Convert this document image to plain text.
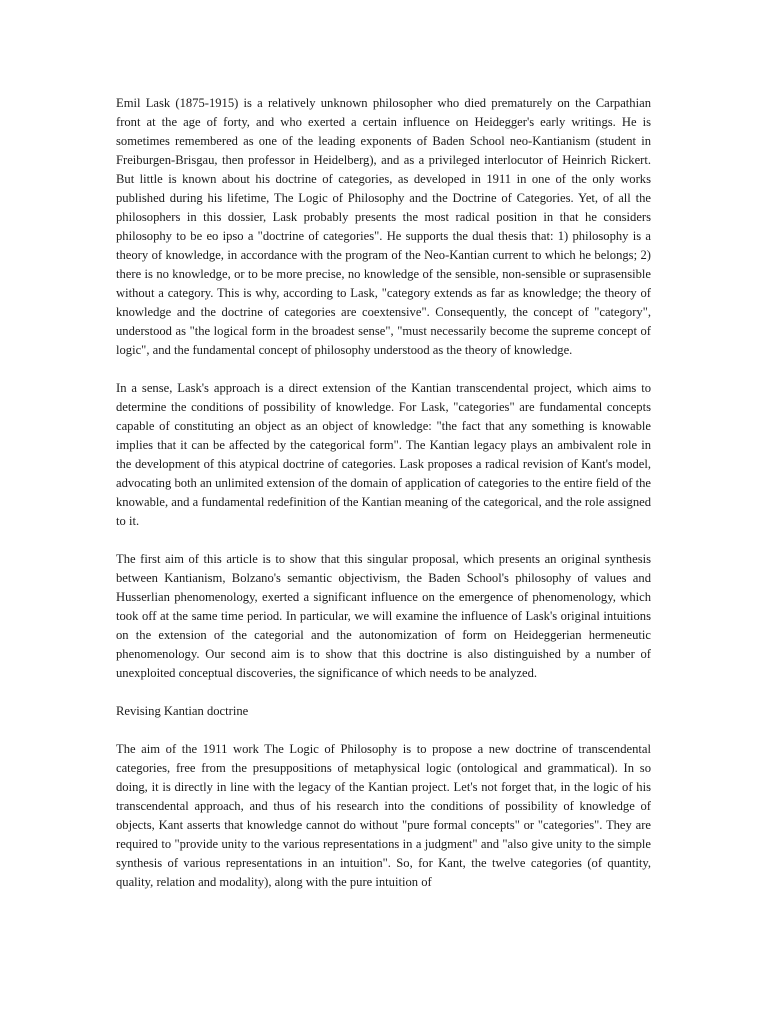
Emil Lask (1875-1915) is a relatively unknown philosopher who died prematurely on the Carpathian front at the age of forty, and who exerted a certain influence on Heidegger's early writings. He is sometimes remembered as one of the leading exponents of Baden School neo-Kantianism (student in Freiburgen-Brisgau, then professor in Heidelberg), and as a privileged interlocutor of Heinrich Rickert. But little is known about his doctrine of categories, as developed in 1911 in one of the only works published during his lifetime, The Logic of Philosophy and the Doctrine of Categories. Yet, of all the philosophers in this dossier, Lask probably presents the most radical position in that he considers philosophy to be eo ipso a "doctrine of categories". He supports the dual thesis that: 1) philosophy is a theory of knowledge, in accordance with the program of the Neo-Kantian current to which he belongs; 2) there is no knowledge, or to be more precise, no knowledge of the sensible, non-sensible or suprasensible without a category. This is why, according to Lask, "category extends as far as knowledge; the theory of knowledge and the doctrine of categories are coextensive". Consequently, the concept of "category", understood as "the logical form in the broadest sense", "must necessarily become the supreme concept of logic", and the fundamental concept of philosophy understood as the theory of knowledge.

In a sense, Lask's approach is a direct extension of the Kantian transcendental project, which aims to determine the conditions of possibility of knowledge. For Lask, "categories" are fundamental concepts capable of constituting an object as an object of knowledge: "the fact that any something is knowable implies that it can be affected by the categorical form". The Kantian legacy plays an ambivalent role in the development of this atypical doctrine of categories. Lask proposes a radical revision of Kant's model, advocating both an unlimited extension of the domain of application of categories to the entire field of the knowable, and a fundamental redefinition of the Kantian meaning of the categorical, and the role assigned to it.

The first aim of this article is to show that this singular proposal, which presents an original synthesis between Kantianism, Bolzano's semantic objectivism, the Baden School's philosophy of values and Husserlian phenomenology, exerted a significant influence on the emergence of phenomenology, which took off at the same time period. In particular, we will examine the influence of Lask's original intuitions on the extension of the categorial and the autonomization of form on Heideggerian hermeneutic phenomenology. Our second aim is to show that this doctrine is also distinguished by a number of unexploited conceptual discoveries, the significance of which needs to be analyzed.

Revising Kantian doctrine

The aim of the 1911 work The Logic of Philosophy is to propose a new doctrine of transcendental categories, free from the presuppositions of metaphysical logic (ontological and grammatical). In so doing, it is directly in line with the legacy of the Kantian project. Let's not forget that, in the logic of his transcendental approach, and thus of his research into the conditions of possibility of knowledge of objects, Kant asserts that knowledge cannot do without "pure formal concepts" or "categories". They are required to "provide unity to the various representations in a judgment" and "also give unity to the simple synthesis of various representations in an intuition". So, for Kant, the twelve categories (of quantity, quality, relation and modality), along with the pure intuition of
